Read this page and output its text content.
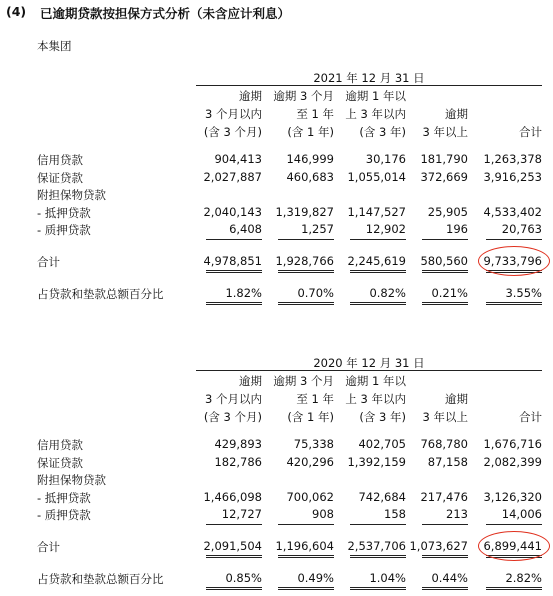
(4) 已逾期贷款按担保方式分析（未含应计利息）
本集团
2021 年 12 月 31 日
逾期
3 个月以内
(含 3 个月)
逾期 3 个月
至 1 年
(含 1 年)
逾期 1 年以
上 3 年以内
(含 3 年)
逾期
3 年以上	合计
信用贷款	904,413 146,999	30,176 181,790 1,263,378
保证贷款	2,027,887 460,683 1,055,014 372,669 3,916,253
附担保物贷款
- 抵押贷款	2,040,143 1,319,827 1,147,527 25,905 4,533,402
- 质押贷款	6,408	1,257	12,902	196	20,763
合计	4,978,851 1,928,766 2,245,619 580,560 9,733,796
占贷款和垫款总额百分比	1.82%	0.70%	0.82% 0.21%	3.55%
2020 年 12 月 31 日
逾期
3 个月以内
(含 3 个月)
逾期 3 个月
至 1 年
(含 1 年)
逾期 1 年以
上 3 年以内
(含 3 年)
逾期
3 年以上	合计
信用贷款	429,893	75,338 402,705 768,780 1,676,716
保证贷款	182,786 420,296 1,392,159 87,158 2,082,399
附担保物贷款
- 抵押贷款	1,466,098 700,062 742,684 217,476 3,126,320
- 质押贷款	12,727	908	158	213	14,006
合计	2,091,504 1,196,604 2,537,706 1,073,627 6,899,441
占贷款和垫款总额百分比	0.85%	0.49%	1.04% 0.44%	2.82%
